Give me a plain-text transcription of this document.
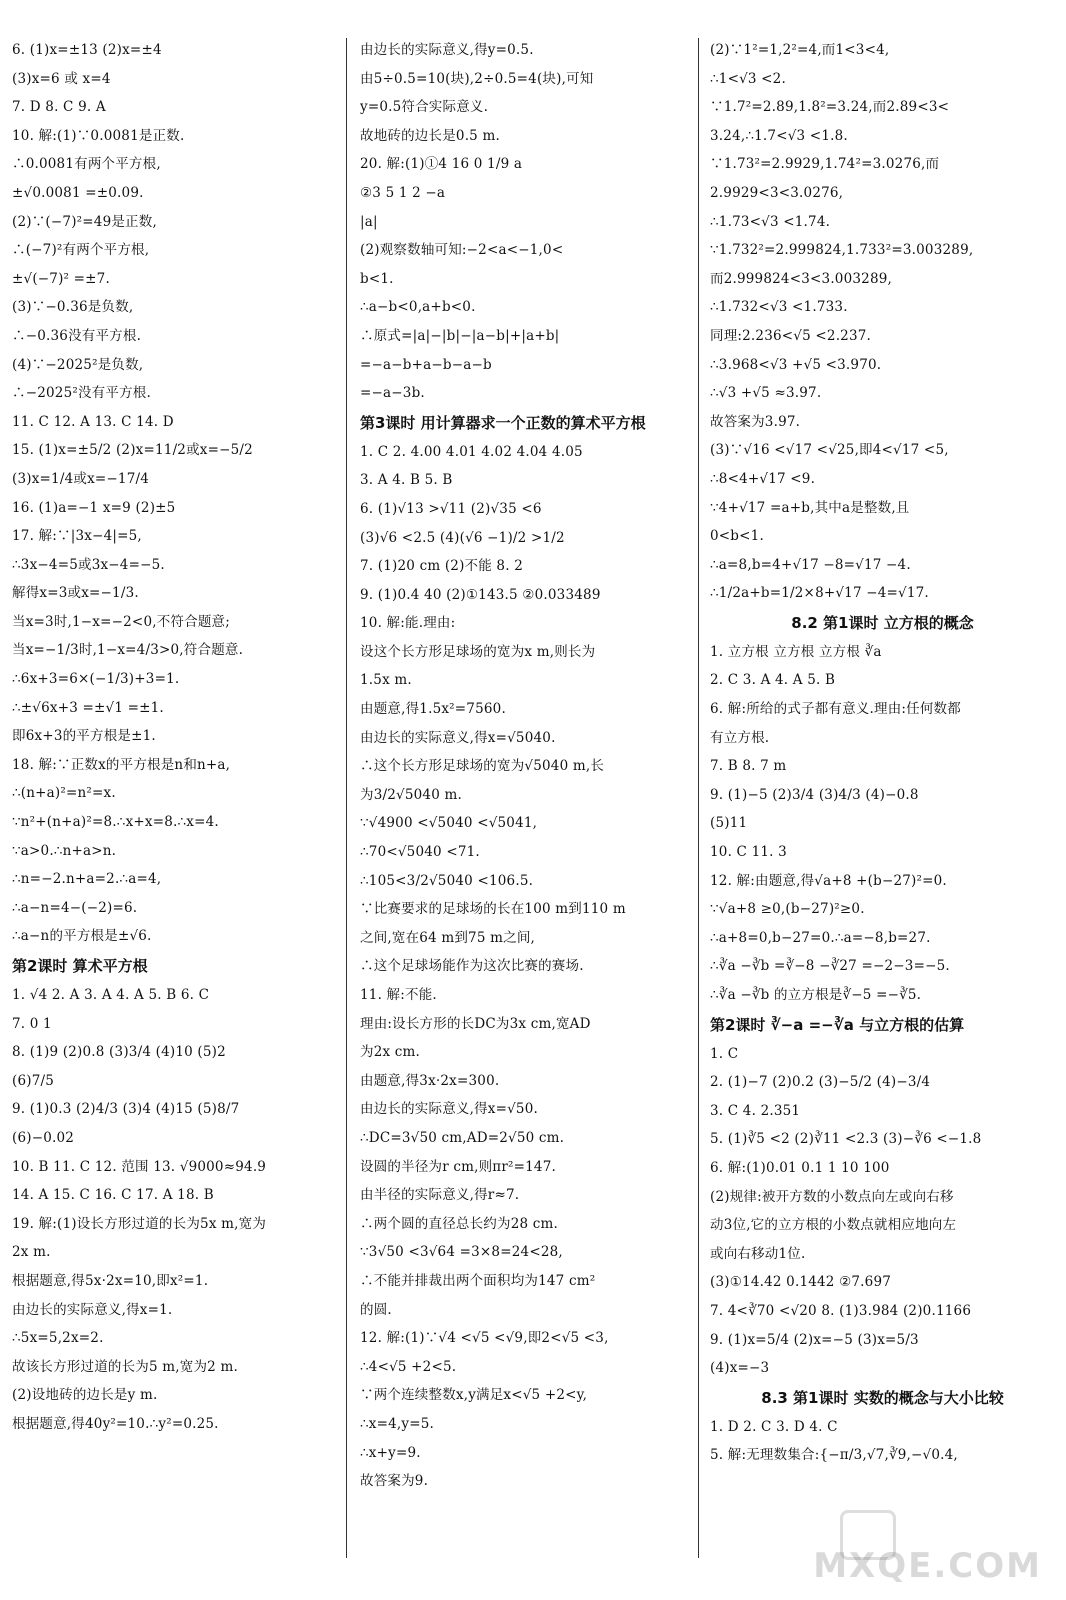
6. (1)x=±13 (2)x=±4
(3)x=6 或 x=4
7. D 8. C 9. A
10. 解:(1)∵0.0081是正数.
∴0.0081有两个平方根,
±√0.0081 =±0.09.
(2)∵(−7)²=49是正数,
∴(−7)²有两个平方根,
±√(−7)² =±7.
(3)∵−0.36是负数,
∴−0.36没有平方根.
(4)∵−2025²是负数,
∴−2025²没有平方根.
11. C 12. A 13. C 14. D
15. (1)x=±5/2 (2)x=11/2或x=−5/2
(3)x=1/4或x=−17/4
16. (1)a=−1 x=9 (2)±5
17. 解:∵|3x−4|=5,
∴3x−4=5或3x−4=−5.
解得x=3或x=−1/3.
当x=3时,1−x=−2<0,不符合题意;
当x=−1/3时,1−x=4/3>0,符合题意.
∴6x+3=6×(−1/3)+3=1.
∴±√6x+3 =±√1 =±1.
即6x+3的平方根是±1.
18. 解:∵正数x的平方根是n和n+a,
∴(n+a)²=n²=x.
∵n²+(n+a)²=8.∴x+x=8.∴x=4.
∵a>0.∴n+a>n.
∴n=−2.n+a=2.∴a=4,
∴a−n=4−(−2)=6.
∴a−n的平方根是±√6.
第2课时 算术平方根
1. √4 2. A 3. A 4. A 5. B 6. C
7. 0 1
8. (1)9 (2)0.8 (3)3/4 (4)10 (5)2
(6)7/5
9. (1)0.3 (2)4/3 (3)4 (4)15 (5)8/7
(6)−0.02
10. B 11. C 12. 范围 13. √9000≈94.9
14. A 15. C 16. C 17. A 18. B
19. 解:(1)设长方形过道的长为5x m,宽为
2x m.
根据题意,得5x·2x=10,即x²=1.
由边长的实际意义,得x=1.
∴5x=5,2x=2.
故该长方形过道的长为5 m,宽为2 m.
(2)设地砖的边长是y m.
根据题意,得40y²=10.∴y²=0.25.
由边长的实际意义,得y=0.5.
由5÷0.5=10(块),2÷0.5=4(块),可知
y=0.5符合实际意义.
故地砖的边长是0.5 m.
20. 解:(1)①4 16 0 1/9 a
②3 5 1 2 −a
|a|
(2)观察数轴可知:−2<a<−1,0<
b<1.
∴a−b<0,a+b<0.
∴原式=|a|−|b|−|a−b|+|a+b|
=−a−b+a−b−a−b
=−a−3b.
第3课时 用计算器求一个正数的算术平方根
1. C 2. 4.00 4.01 4.02 4.04 4.05
3. A 4. B 5. B
6. (1)√13 >√11 (2)√35 <6
(3)√6 <2.5 (4)(√6 −1)/2 >1/2
7. (1)20 cm (2)不能 8. 2
9. (1)0.4 40 (2)①143.5 ②0.033489
10. 解:能.理由:
设这个长方形足球场的宽为x m,则长为
1.5x m.
由题意,得1.5x²=7560.
由边长的实际意义,得x=√5040.
∴这个长方形足球场的宽为√5040 m,长
为3/2√5040 m.
∵√4900 <√5040 <√5041,
∴70<√5040 <71.
∴105<3/2√5040 <106.5.
∵比赛要求的足球场的长在100 m到110 m
之间,宽在64 m到75 m之间,
∴这个足球场能作为这次比赛的赛场.
11. 解:不能.
理由:设长方形的长DC为3x cm,宽AD
为2x cm.
由题意,得3x·2x=300.
由边长的实际意义,得x=√50.
∴DC=3√50 cm,AD=2√50 cm.
设圆的半径为r cm,则πr²=147.
由半径的实际意义,得r≈7.
∴两个圆的直径总长约为28 cm.
∵3√50 <3√64 =3×8=24<28,
∴不能并排裁出两个面积均为147 cm²
的圆.
12. 解:(1)∵√4 <√5 <√9,即2<√5 <3,
∴4<√5 +2<5.
∵两个连续整数x,y满足x<√5 +2<y,
∴x=4,y=5.
∴x+y=9.
故答案为9.
(2)∵1²=1,2²=4,而1<3<4,
∴1<√3 <2.
∵1.7²=2.89,1.8²=3.24,而2.89<3<
3.24,∴1.7<√3 <1.8.
∵1.73²=2.9929,1.74²=3.0276,而
2.9929<3<3.0276,
∴1.73<√3 <1.74.
∵1.732²=2.999824,1.733²=3.003289,
而2.999824<3<3.003289,
∴1.732<√3 <1.733.
同理:2.236<√5 <2.237.
∴3.968<√3 +√5 <3.970.
∴√3 +√5 ≈3.97.
故答案为3.97.
(3)∵√16 <√17 <√25,即4<√17 <5,
∴8<4+√17 <9.
∵4+√17 =a+b,其中a是整数,且
0<b<1.
∴a=8,b=4+√17 −8=√17 −4.
∴1/2a+b=1/2×8+√17 −4=√17.
8.2 第1课时 立方根的概念
1. 立方根 立方根 立方根 ∛a
2. C 3. A 4. A 5. B
6. 解:所给的式子都有意义.理由:任何数都
有立方根.
7. B 8. 7 m
9. (1)−5 (2)3/4 (3)4/3 (4)−0.8
(5)11
10. C 11. 3
12. 解:由题意,得√a+8 +(b−27)²=0.
∵√a+8 ≥0,(b−27)²≥0.
∴a+8=0,b−27=0.∴a=−8,b=27.
∴∛a −∛b =∛−8 −∛27 =−2−3=−5.
∴∛a −∛b 的立方根是∛−5 =−∛5.
第2课时 ∛−a =−∛a 与立方根的估算
1. C
2. (1)−7 (2)0.2 (3)−5/2 (4)−3/4
3. C 4. 2.351
5. (1)∛5 <2 (2)∛11 <2.3 (3)−∛6 <−1.8
6. 解:(1)0.01 0.1 1 10 100
(2)规律:被开方数的小数点向左或向右移
动3位,它的立方根的小数点就相应地向左
或向右移动1位.
(3)①14.42 0.1442 ②7.697
7. 4<∛70 <√20 8. (1)3.984 (2)0.1166
9. (1)x=5/4 (2)x=−5 (3)x=5/3
(4)x=−3
8.3 第1课时 实数的概念与大小比较
1. D 2. C 3. D 4. C
5. 解:无理数集合:{−π/3,√7,∛9,−√0.4,
MXQE.COM
